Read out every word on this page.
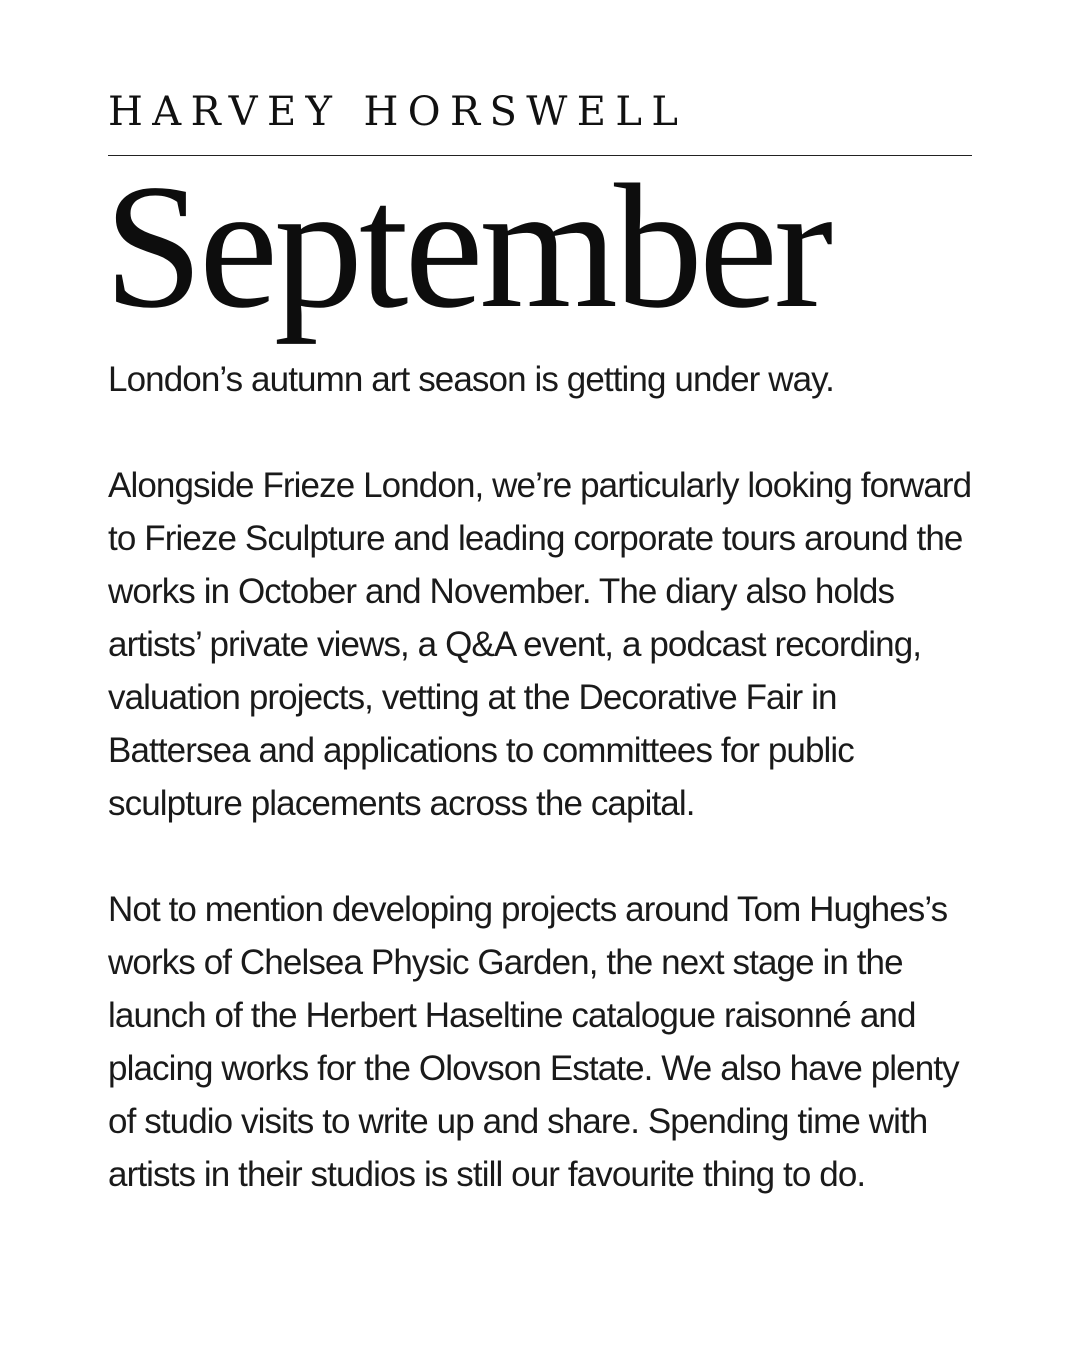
HARVEY HORSWELL
September

London’s autumn art season is getting under way.

Alongside Frieze London, we’re particularly looking forward to Frieze Sculpture and leading corporate tours around the works in October and November. The diary also holds artists’ private views, a Q&A event, a podcast recording, valuation projects, vetting at the Decorative Fair in Battersea and applications to committees for public sculpture placements across the capital.

Not to mention developing projects around Tom Hughes’s works of Chelsea Physic Garden, the next stage in the launch of the Herbert Haseltine catalogue raisonné and placing works for the Olovson Estate. We also have plenty of studio visits to write up and share. Spending time with artists in their studios is still our favourite thing to do.
